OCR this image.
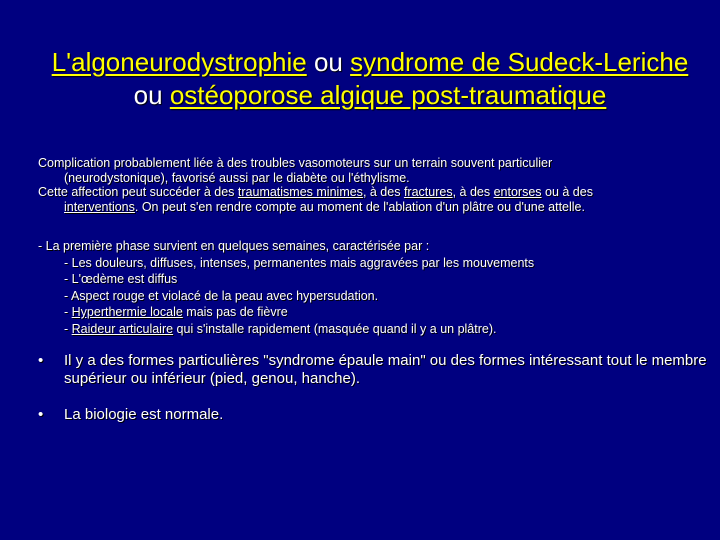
L'algoneurodystrophie ou syndrome de Sudeck-Leriche ou ostéoporose algique post-traumatique
Complication probablement liée à des troubles vasomoteurs sur un terrain souvent particulier
(neurodystonique), favorisé aussi par le diabète ou l'éthylisme.
Cette affection peut succéder à des traumatismes minimes, à des fractures, à des entorses ou à des
interventions. On peut s'en rendre compte au moment de l'ablation d'un plâtre ou d'une attelle.
- La première phase survient en quelques semaines, caractérisée par :
- Les douleurs, diffuses, intenses, permanentes mais aggravées par les mouvements
- L'œdème est diffus
- Aspect rouge et violacé de la peau avec hypersudation.
- Hyperthermie locale mais pas de fièvre
- Raideur articulaire qui s'installe rapidement (masquée quand il y a un plâtre).
•	Il y a des formes particulières "syndrome épaule main" ou des formes intéressant tout le membre supérieur ou inférieur (pied, genou, hanche).
•	La biologie est normale.
